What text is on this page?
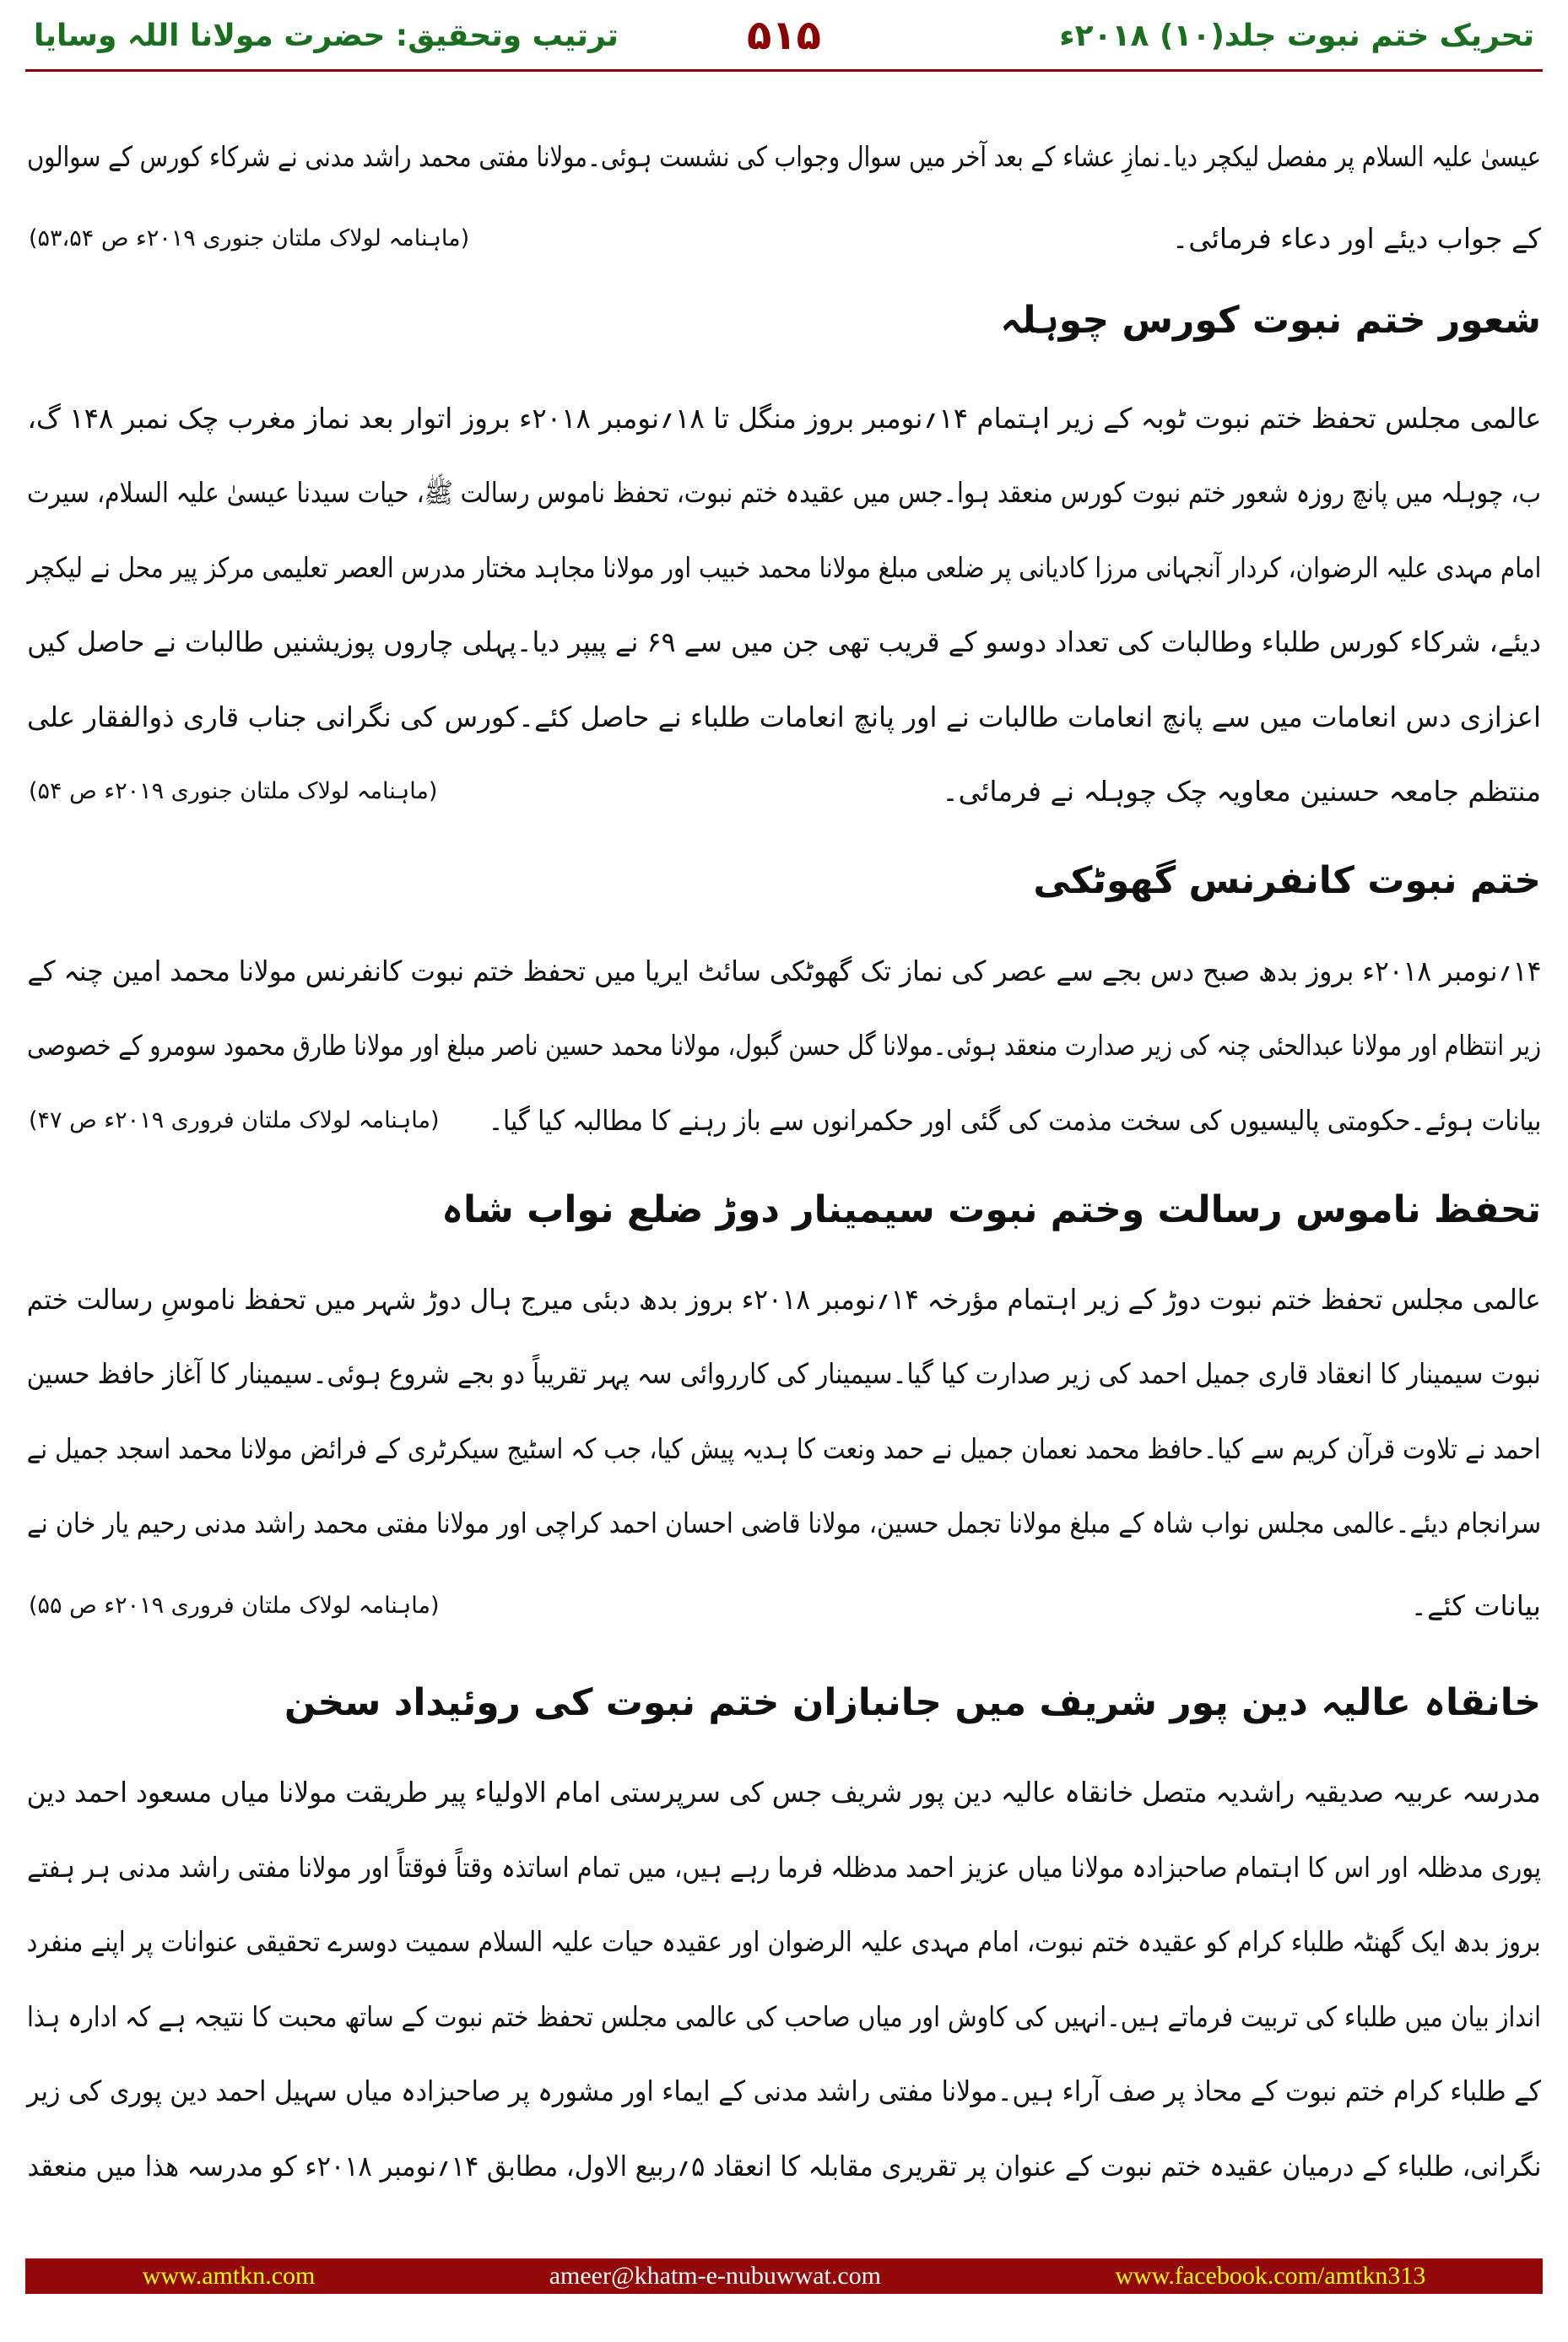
تحریک ختم نبوت جلد(۱۰) ۲۰۱۸ء
۵۱۵
ترتیب وتحقیق: حضرت مولانا اللہ وسایا
عیسیٰ علیہ السلام پر مفصل لیکچر دیا۔نمازِ عشاء کے بعد آخر میں سوال وجواب کی نشست ہوئی۔مولانا مفتی محمد راشد مدنی نے شرکاء کورس کے سوالوں
کے جواب دیئے اور دعاء فرمائی۔
(ماہنامہ لولاک ملتان جنوری ۲۰۱۹ء ص ۵۳،۵۴)
شعور ختم نبوت کورس چوہلہ
عالمی مجلس تحفظ ختم نبوت ٹوبہ کے زیر اہتمام ۱۴؍نومبر بروز منگل تا ۱۸؍نومبر ۲۰۱۸ء بروز اتوار بعد نماز مغرب چک نمبر ۱۴۸ گ،
ب، چوہلہ میں پانچ روزہ شعور ختم نبوت کورس منعقد ہوا۔جس میں عقیدہ ختم نبوت، تحفظ ناموس رسالت ﷺ، حیات سیدنا عیسیٰ علیہ السلام، سیرت
امام مہدی علیہ الرضوان، کردار آنجہانی مرزا کادیانی پر ضلعی مبلغ مولانا محمد خبیب اور مولانا مجاہد مختار مدرس العصر تعلیمی مرکز پیر محل نے لیکچر
دیئے، شرکاء کورس طلباء وطالبات کی تعداد دوسو کے قریب تھی جن میں سے ۶۹ نے پیپر دیا۔پہلی چاروں پوزیشنیں طالبات نے حاصل کیں
اعزازی دس انعامات میں سے پانچ انعامات طالبات نے اور پانچ انعامات طلباء نے حاصل کئے۔کورس کی نگرانی جناب قاری ذوالفقار علی
منتظم جامعہ حسنین معاویہ چک چوہلہ نے فرمائی۔
(ماہنامہ لولاک ملتان جنوری ۲۰۱۹ء ص ۵۴)
ختم نبوت کانفرنس گھوٹکی
۱۴؍نومبر ۲۰۱۸ء بروز بدھ صبح دس بجے سے عصر کی نماز تک گھوٹکی سائٹ ایریا میں تحفظ ختم نبوت کانفرنس مولانا محمد امین چنہ کے
زیر انتظام اور مولانا عبدالحئی چنہ کی زیر صدارت منعقد ہوئی۔مولانا گل حسن گبول، مولانا محمد حسین ناصر مبلغ اور مولانا طارق محمود سومرو کے خصوصی
بیانات ہوئے۔حکومتی پالیسیوں کی سخت مذمت کی گئی اور حکمرانوں سے باز رہنے کا مطالبہ کیا گیا۔
(ماہنامہ لولاک ملتان فروری ۲۰۱۹ء ص ۴۷)
تحفظ ناموس رسالت وختم نبوت سیمینار دوڑ ضلع نواب شاہ
عالمی مجلس تحفظ ختم نبوت دوڑ کے زیر اہتمام مؤرخہ ۱۴؍نومبر ۲۰۱۸ء بروز بدھ دبئی میرج ہال دوڑ شہر میں تحفظ ناموسِ رسالت ختم
نبوت سیمینار کا انعقاد قاری جمیل احمد کی زیر صدارت کیا گیا۔سیمینار کی کارروائی سہ پہر تقریباً دو بجے شروع ہوئی۔سیمینار کا آغاز حافظ حسین
احمد نے تلاوت قرآن کریم سے کیا۔حافظ محمد نعمان جمیل نے حمد ونعت کا ہدیہ پیش کیا، جب کہ اسٹیج سیکرٹری کے فرائض مولانا محمد اسجد جمیل نے
سرانجام دیئے۔عالمی مجلس نواب شاہ کے مبلغ مولانا تجمل حسین، مولانا قاضی احسان احمد کراچی اور مولانا مفتی محمد راشد مدنی رحیم یار خان نے
بیانات کئے۔
(ماہنامہ لولاک ملتان فروری ۲۰۱۹ء ص ۵۵)
خانقاہ عالیہ دین پور شریف میں جانبازان ختم نبوت کی روئیداد سخن
مدرسہ عربیہ صدیقیہ راشدیہ متصل خانقاہ عالیہ دین پور شریف جس کی سرپرستی امام الاولیاء پیر طریقت مولانا میاں مسعود احمد دین
پوری مدظلہ اور اس کا اہتمام صاحبزادہ مولانا میاں عزیز احمد مدظلہ فرما رہے ہیں، میں تمام اساتذہ وقتاً فوقتاً اور مولانا مفتی راشد مدنی ہر ہفتے
بروز بدھ ایک گھنٹہ طلباء کرام کو عقیدہ ختم نبوت، امام مہدی علیہ الرضوان اور عقیدہ حیات علیہ السلام سمیت دوسرے تحقیقی عنوانات پر اپنے منفرد
انداز بیان میں طلباء کی تربیت فرماتے ہیں۔انہیں کی کاوش اور میاں صاحب کی عالمی مجلس تحفظ ختم نبوت کے ساتھ محبت کا نتیجہ ہے کہ ادارہ ہذا
کے طلباء کرام ختم نبوت کے محاذ پر صف آراء ہیں۔مولانا مفتی راشد مدنی کے ایماء اور مشورہ پر صاحبزادہ میاں سہیل احمد دین پوری کی زیر
نگرانی، طلباء کے درمیان عقیدہ ختم نبوت کے عنوان پر تقریری مقابلہ کا انعقاد ۵؍ربیع الاول، مطابق ۱۴؍نومبر ۲۰۱۸ء کو مدرسہ ھذا میں منعقد
www.amtkn.com	ameer@khatm-e-nubuwwat.com	www.facebook.com/amtkn313
